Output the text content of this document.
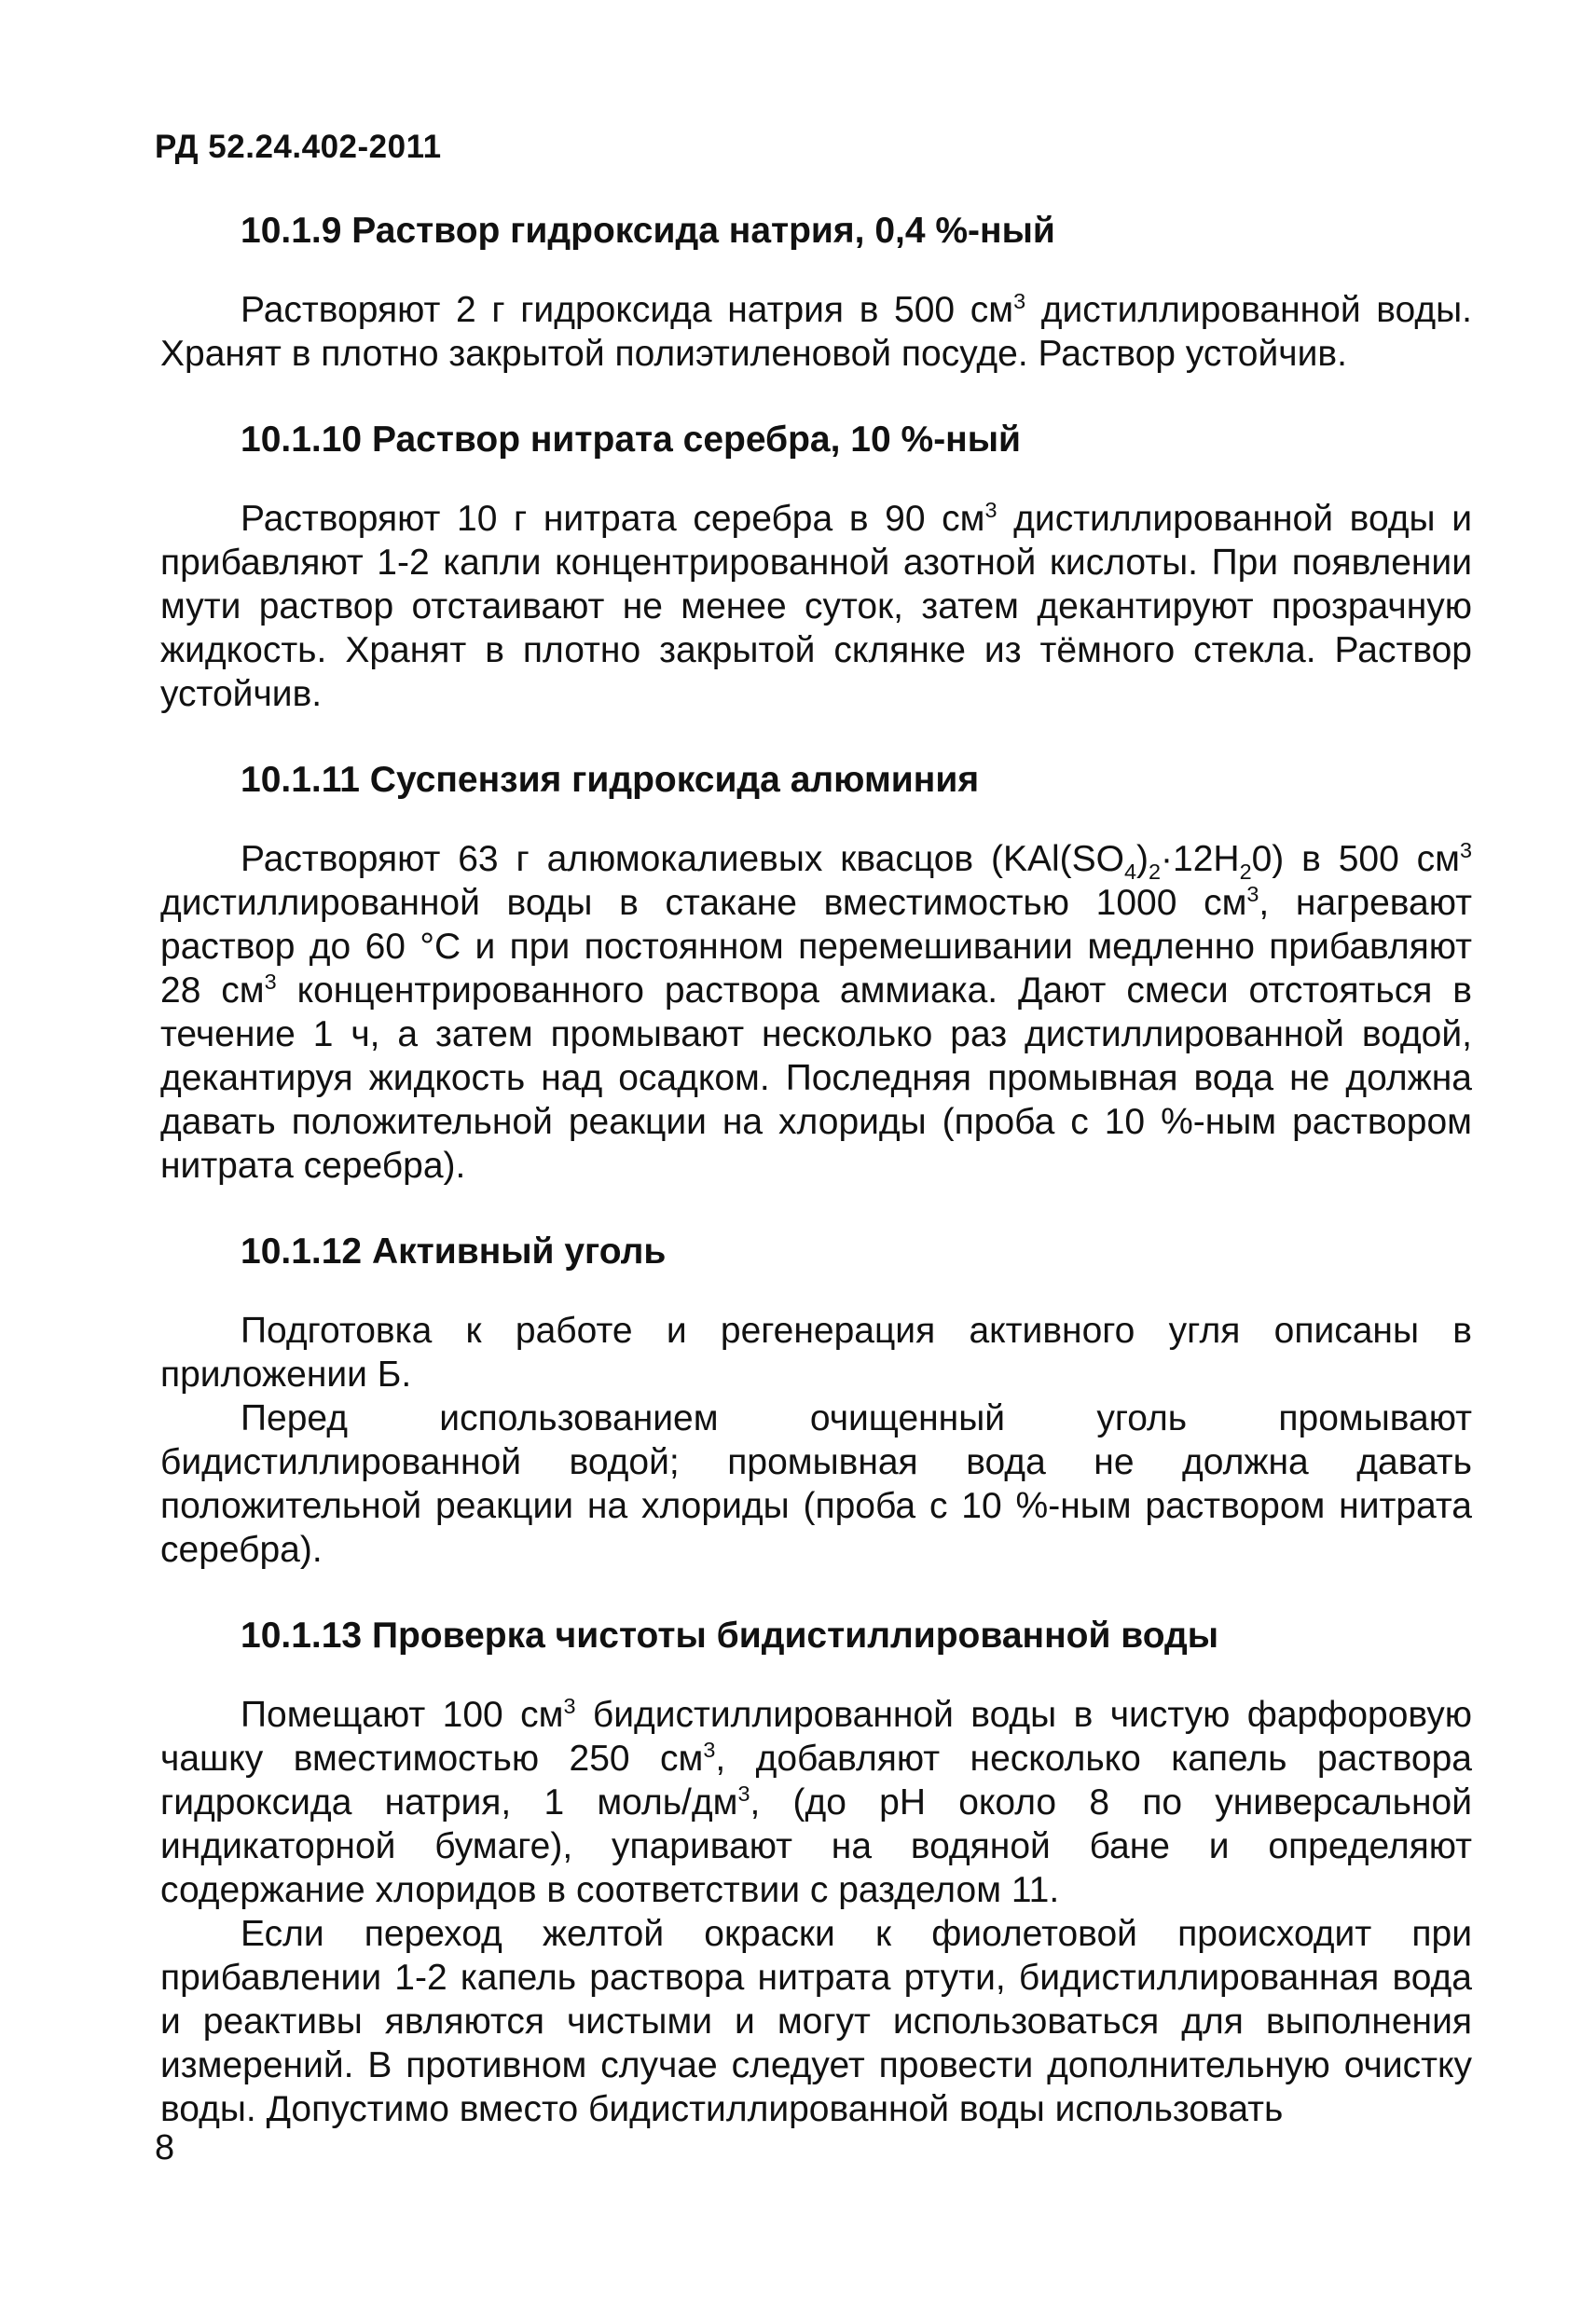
РД 52.24.402-2011
10.1.9 Раствор гидроксида натрия, 0,4 %-ный

Растворяют 2 г гидроксида натрия в 500 $см^3$ дистиллированной воды. Хранят в плотно закрытой полиэтиленовой посуде. Раствор устойчив.

10.1.10 Раствор нитрата серебра, 10 %-ный

Растворяют 10 г нитрата серебра в 90 $см^3$ дистиллированной воды и прибавляют 1-2 капли концентрированной азотной кислоты. При появлении мути раствор отстаивают не менее суток, затем декантируют прозрачную жидкость. Хранят в плотно закрытой склянке из тёмного стекла. Раствор устойчив.

10.1.11 Суспензия гидроксида алюминия

Растворяют 63 г алюмокалиевых квасцов $(KAl(SO_4)_2\cdot 12H_20)$ в 500 $см^3$ дистиллированной воды в стакане вместимостью 1000 $см^3$, нагревают раствор до 60 °С и при постоянном перемешивании медленно прибавляют 28 $см^3$ концентрированного раствора аммиака. Дают смеси отстояться в течение 1 ч, а затем промывают несколько раз дистиллированной водой, декантируя жидкость над осадком. Последняя промывная вода не должна давать положительной реакции на хлориды (проба с 10 %-ным раствором нитрата серебра).

10.1.12 Активный уголь

Подготовка к работе и регенерация активного угля описаны в приложении Б.

Перед использованием очищенный уголь промывают бидистиллированной водой; промывная вода не должна давать положительной реакции на хлориды (проба с 10 %-ным раствором нитрата серебра).

10.1.13 Проверка чистоты бидистиллированной воды

Помещают 100 $см^3$ бидистиллированной воды в чистую фарфоровую чашку вместимостью 250 $см^3$, добавляют несколько капель раствора гидроксида натрия, 1 моль/$дм^3$, (до рН около 8 по универсальной индикаторной бумаге), упаривают на водяной бане и определяют содержание хлоридов в соответствии с разделом 11.

Если переход желтой окраски к фиолетовой происходит при прибавлении 1-2 капель раствора нитрата ртути, бидистиллированная вода и реактивы являются чистыми и могут использоваться для выполнения измерений. В противном случае следует провести дополнительную очистку воды. Допустимо вместо бидистиллированной воды использовать

8
